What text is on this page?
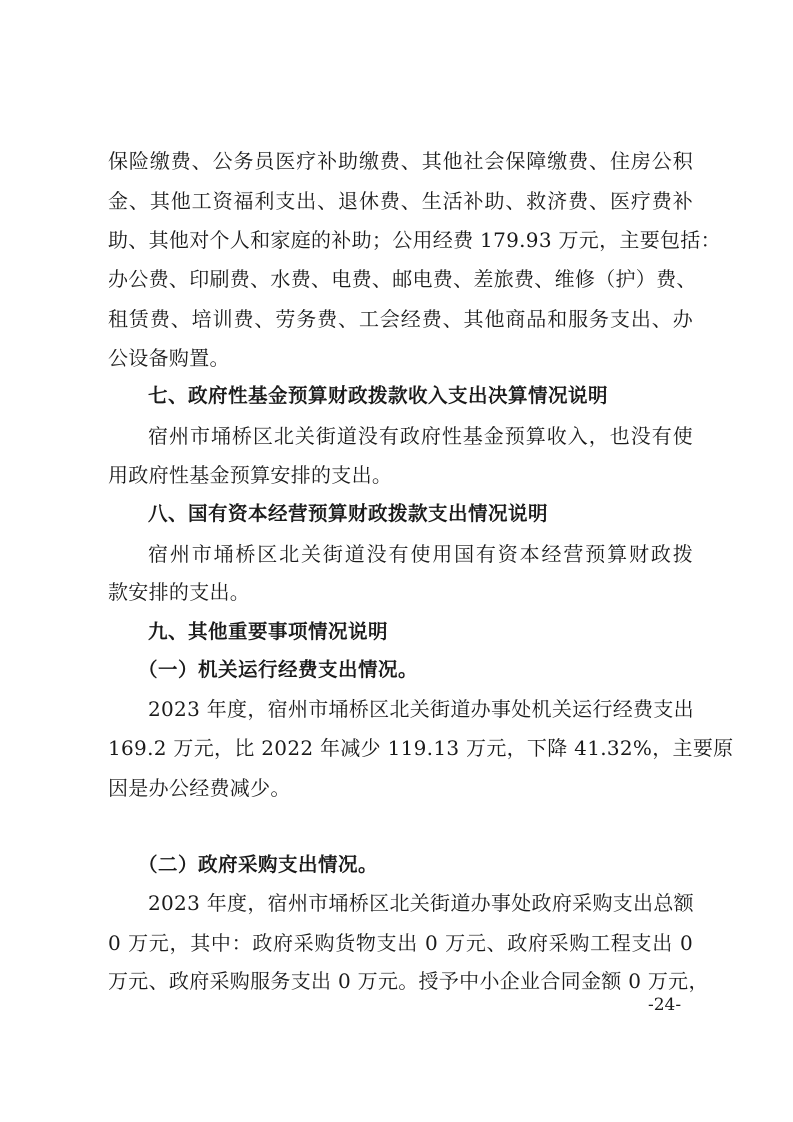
保险缴费、公务员医疗补助缴费、其他社会保障缴费、住房公积
金、其他工资福利支出、退休费、生活补助、救济费、医疗费补
助、其他对个人和家庭的补助；公用经费 179.93 万元，主要包括：
办公费、印刷费、水费、电费、邮电费、差旅费、维修（护）费、
租赁费、培训费、劳务费、工会经费、其他商品和服务支出、办
公设备购置。
七、政府性基金预算财政拨款收入支出决算情况说明
宿州市埇桥区北关街道没有政府性基金预算收入，也没有使
用政府性基金预算安排的支出。
八、国有资本经营预算财政拨款支出情况说明
宿州市埇桥区北关街道没有使用国有资本经营预算财政拨
款安排的支出。
九、其他重要事项情况说明
（一）机关运行经费支出情况。
2023 年度，宿州市埇桥区北关街道办事处机关运行经费支出
169.2 万元，比 2022 年减少 119.13 万元，下降 41.32%，主要原
因是办公经费减少。
（二）政府采购支出情况。
2023 年度，宿州市埇桥区北关街道办事处政府采购支出总额
0 万元，其中：政府采购货物支出 0 万元、政府采购工程支出 0
万元、政府采购服务支出 0 万元。授予中小企业合同金额 0 万元，
-24-
